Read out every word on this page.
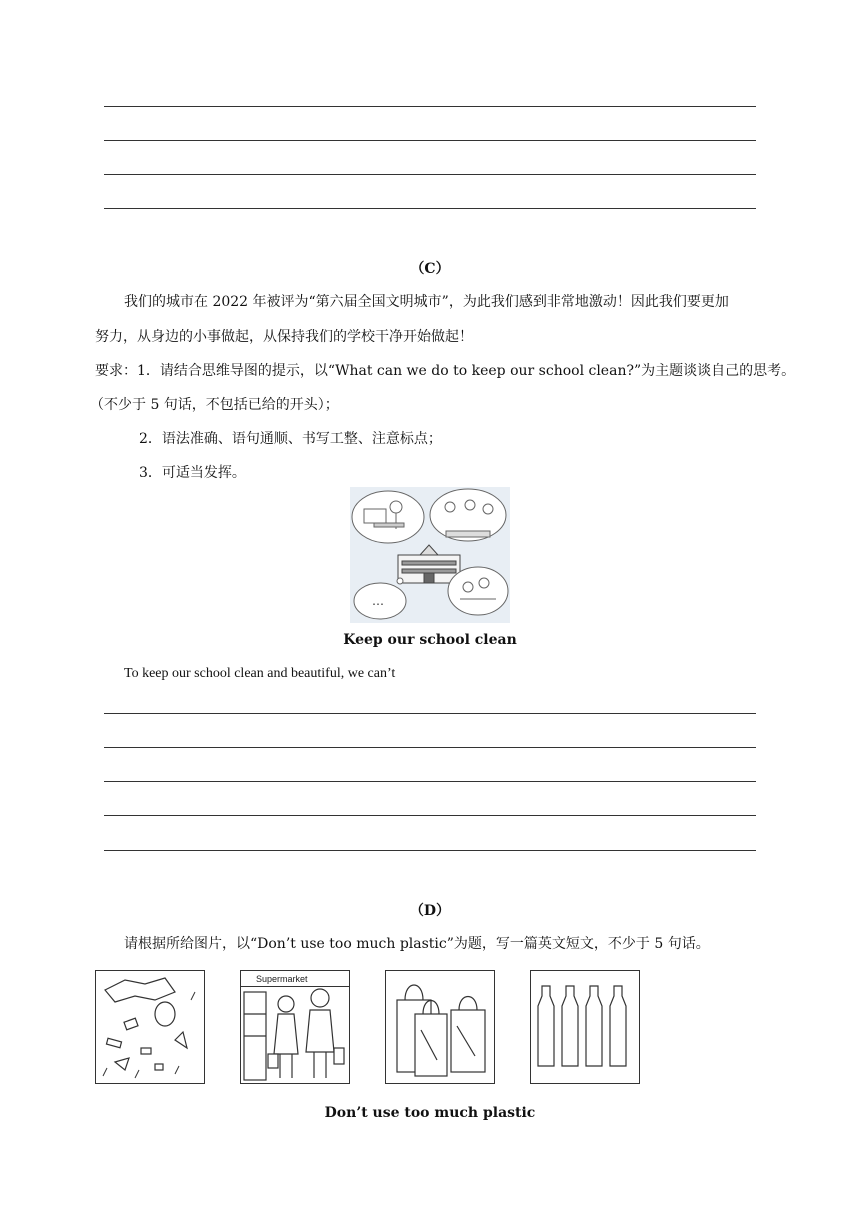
（C）
我们的城市在 2022 年被评为“第六届全国文明城市”，为此我们感到非常地激动！因此我们要更加
努力，从身边的小事做起，从保持我们的学校干净开始做起！
要求：1．请结合思维导图的提示，以“What can we do to keep our school clean?”为主题谈谈自己的思考。
（不少于 5 句话，不包括已给的开头）；
2．语法准确、语句通顺、书写工整、注意标点；
3．可适当发挥。
…
Keep our school clean
To keep our school clean and beautiful, we can’t
（D）
请根据所给图片，以“Don’t use too much plastic”为题，写一篇英文短文，不少于 5 句话。
Supermarket
Don’t use too much plastic
